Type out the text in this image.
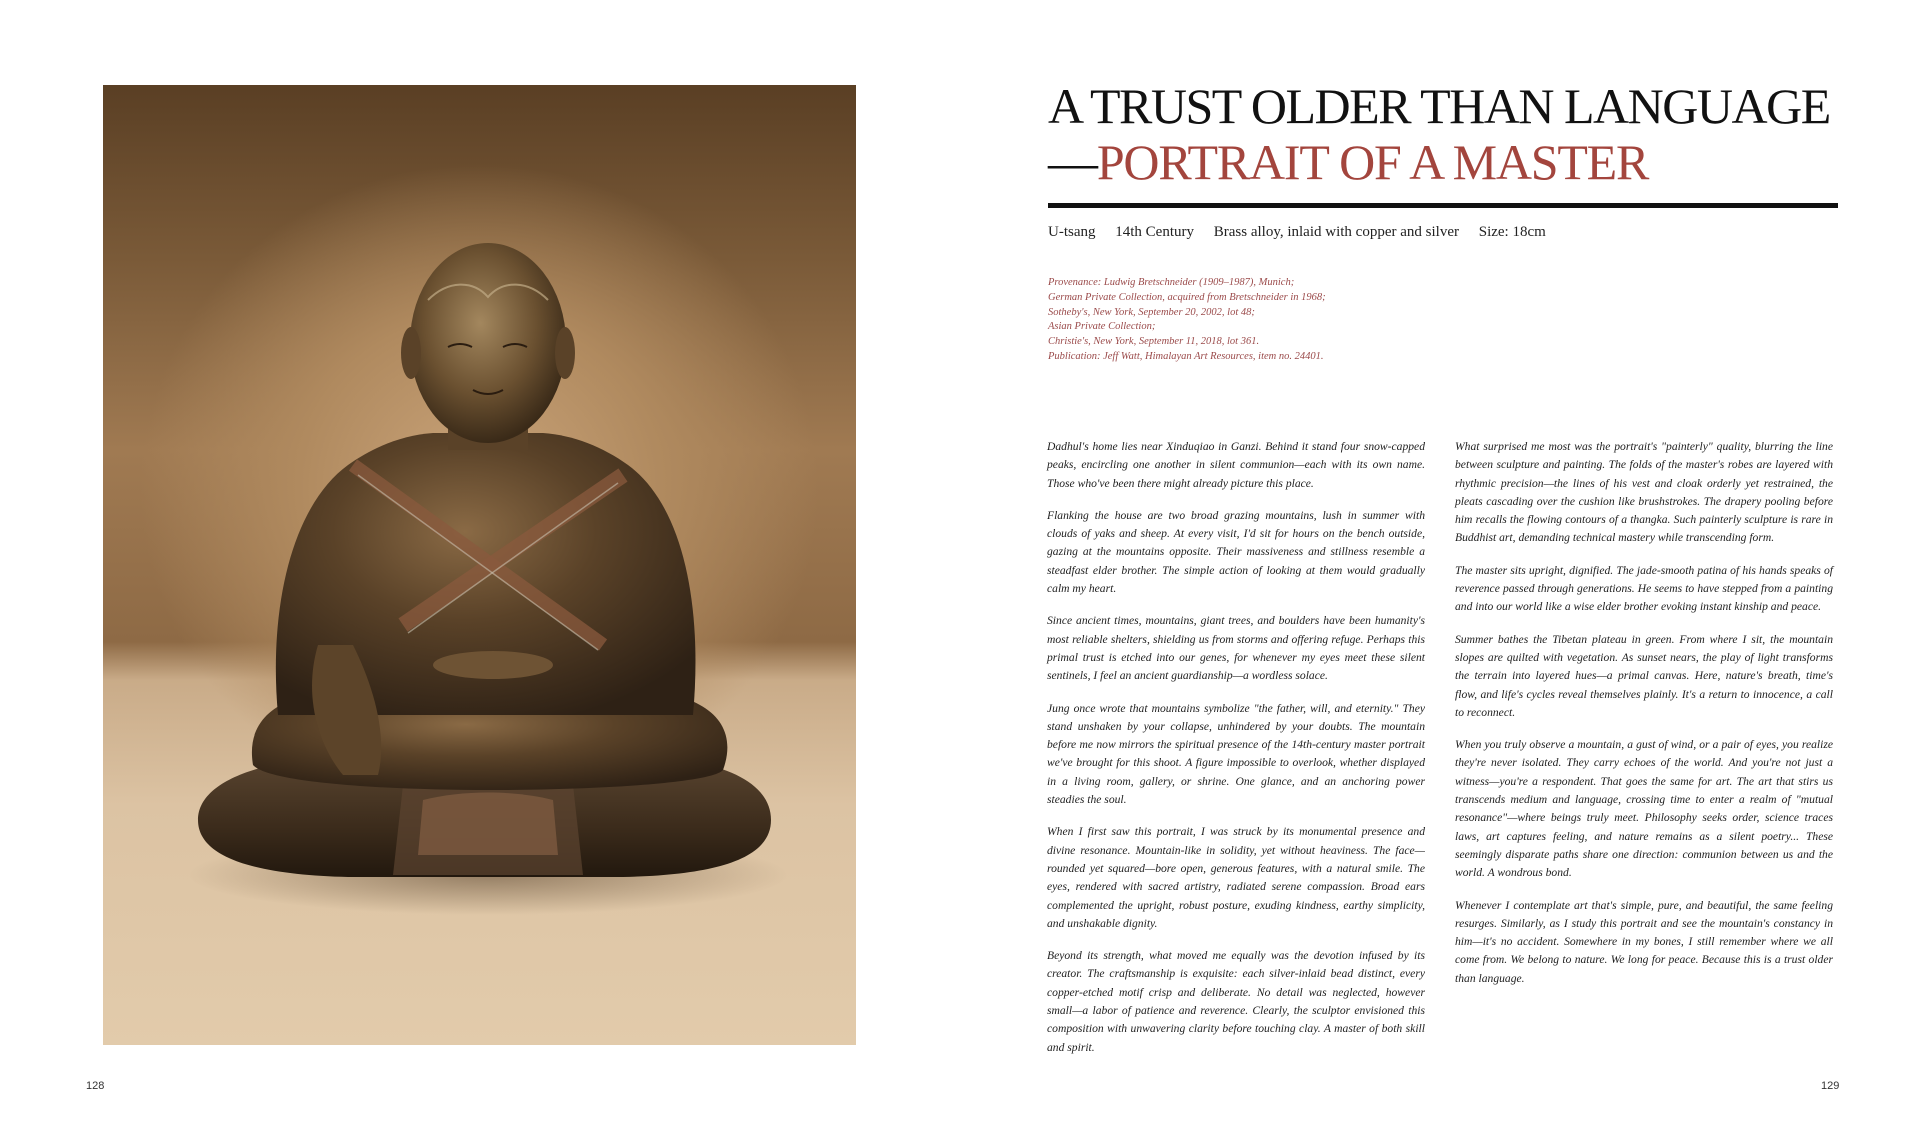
128
A TRUST OLDER THAN LANGUAGE
—PORTRAIT OF A MASTER
U-tsang 14th Century Brass alloy, inlaid with copper and silver Size: 18cm
Provenance: Ludwig Bretschneider (1909–1987), Munich;
German Private Collection, acquired from Bretschneider in 1968;
Sotheby's, New York, September 20, 2002, lot 48;
Asian Private Collection;
Christie's, New York, September 11, 2018, lot 361.
Publication: Jeff Watt, Himalayan Art Resources, item no. 24401.

Dadhul's home lies near Xinduqiao in Ganzi. Behind it stand four snow-capped peaks, encircling one another in silent communion—each with its own name. Those who've been there might already picture this place.

Flanking the house are two broad grazing mountains, lush in summer with clouds of yaks and sheep. At every visit, I'd sit for hours on the bench outside, gazing at the mountains opposite. Their massiveness and stillness resemble a steadfast elder brother. The simple action of looking at them would gradually calm my heart.

Since ancient times, mountains, giant trees, and boulders have been humanity's most reliable shelters, shielding us from storms and offering refuge. Perhaps this primal trust is etched into our genes, for whenever my eyes meet these silent sentinels, I feel an ancient guardianship—a wordless solace.

Jung once wrote that mountains symbolize "the father, will, and eternity." They stand unshaken by your collapse, unhindered by your doubts. The mountain before me now mirrors the spiritual presence of the 14th-century master portrait we've brought for this shoot. A figure impossible to overlook, whether displayed in a living room, gallery, or shrine. One glance, and an anchoring power steadies the soul.

When I first saw this portrait, I was struck by its monumental presence and divine resonance. Mountain-like in solidity, yet without heaviness. The face—rounded yet squared—bore open, generous features, with a natural smile. The eyes, rendered with sacred artistry, radiated serene compassion. Broad ears complemented the upright, robust posture, exuding kindness, earthy simplicity, and unshakable dignity.

Beyond its strength, what moved me equally was the devotion infused by its creator. The craftsmanship is exquisite: each silver-inlaid bead distinct, every copper-etched motif crisp and deliberate. No detail was neglected, however small—a labor of patience and reverence. Clearly, the sculptor envisioned this composition with unwavering clarity before touching clay. A master of both skill and spirit.

What surprised me most was the portrait's "painterly" quality, blurring the line between sculpture and painting. The folds of the master's robes are layered with rhythmic precision—the lines of his vest and cloak orderly yet restrained, the pleats cascading over the cushion like brushstrokes. The drapery pooling before him recalls the flowing contours of a thangka. Such painterly sculpture is rare in Buddhist art, demanding technical mastery while transcending form.

The master sits upright, dignified. The jade-smooth patina of his hands speaks of reverence passed through generations. He seems to have stepped from a painting and into our world like a wise elder brother evoking instant kinship and peace.

Summer bathes the Tibetan plateau in green. From where I sit, the mountain slopes are quilted with vegetation. As sunset nears, the play of light transforms the terrain into layered hues—a primal canvas. Here, nature's breath, time's flow, and life's cycles reveal themselves plainly. It's a return to innocence, a call to reconnect.

When you truly observe a mountain, a gust of wind, or a pair of eyes, you realize they're never isolated. They carry echoes of the world. And you're not just a witness—you're a respondent. That goes the same for art. The art that stirs us transcends medium and language, crossing time to enter a realm of "mutual resonance"—where beings truly meet. Philosophy seeks order, science traces laws, art captures feeling, and nature remains as a silent poetry... These seemingly disparate paths share one direction: communion between us and the world. A wondrous bond.

Whenever I contemplate art that's simple, pure, and beautiful, the same feeling resurges. Similarly, as I study this portrait and see the mountain's constancy in him—it's no accident. Somewhere in my bones, I still remember where we all come from. We belong to nature. We long for peace. Because this is a trust older than language.

129
